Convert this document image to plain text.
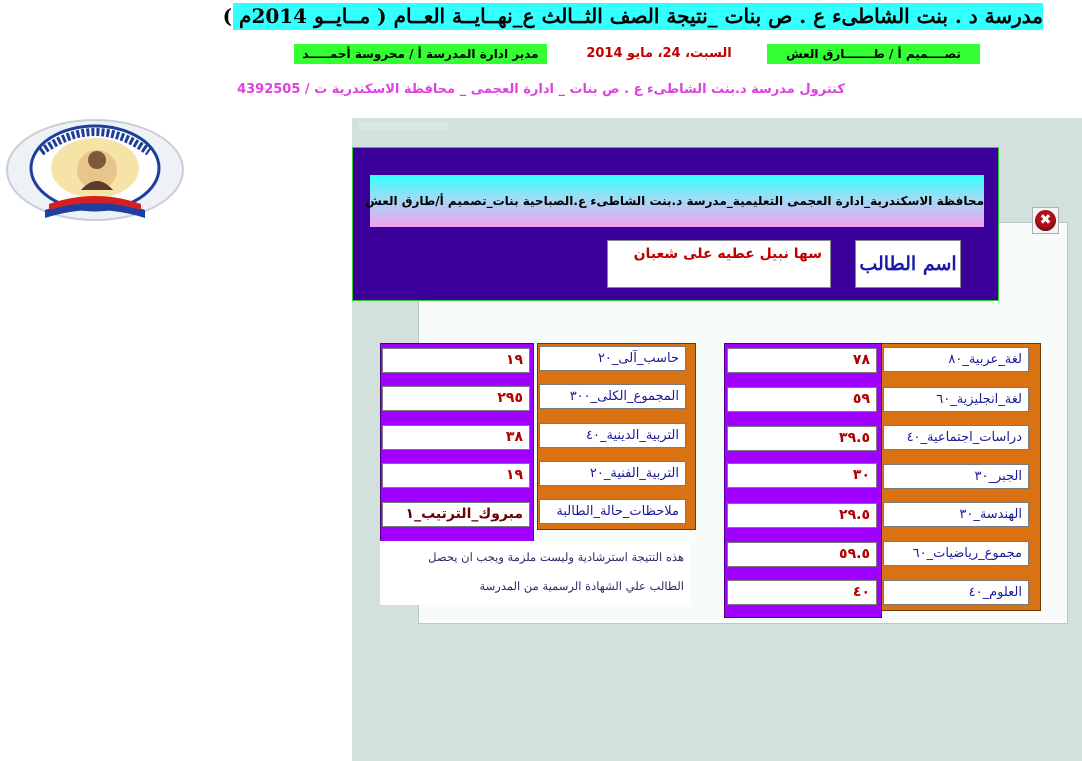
مدرسة د . بنت الشاطىء ع . ص بنات _نتيجة الصف الثــالث ع_نهــايــة العــام ( مــايــو 2014م )
تصــــميم أ / طـــــــارق العش
السبت، 24، مايو 2014
مدير ادارة المدرسة أ / محروسة أحمـــــد
كنترول مدرسة د.بنت الشاطىء ع . ص بنات _ ادارة العجمى _ محافظة الاسكندرية ت / 4392505
✖
محافظة الاسكندرية_ادارة العجمى التعليمية_مدرسة د.بنت الشاطىء ع.الصباحية بنات_تصميم أ/طارق العش
اسم الطالب
سها نبيل عطيه على شعبان
لغة_عربية_٨٠
لغة_انجليزية_٦٠
دراسات_اجتماعية_٤٠
الجبر_٣٠
الهندسة_٣٠
مجموع_رياضيات_٦٠
العلوم_٤٠
٧٨
٥٩
٣٩.٥
٣٠
٢٩.٥
٥٩.٥
٤٠
حاسب_آلى_٢٠
المجموع_الكلى_٣٠٠
التربية_الدينية_٤٠
التربية_الفنية_٢٠
ملاحظات_حالة_الطالبة
١٩
٢٩٥
٣٨
١٩
مبروك_الترتيب_١
هذه النتيجة استرشادية وليست ملزمة ويجب ان يحصل
الطالب علي الشهادة الرسمية من المدرسة
